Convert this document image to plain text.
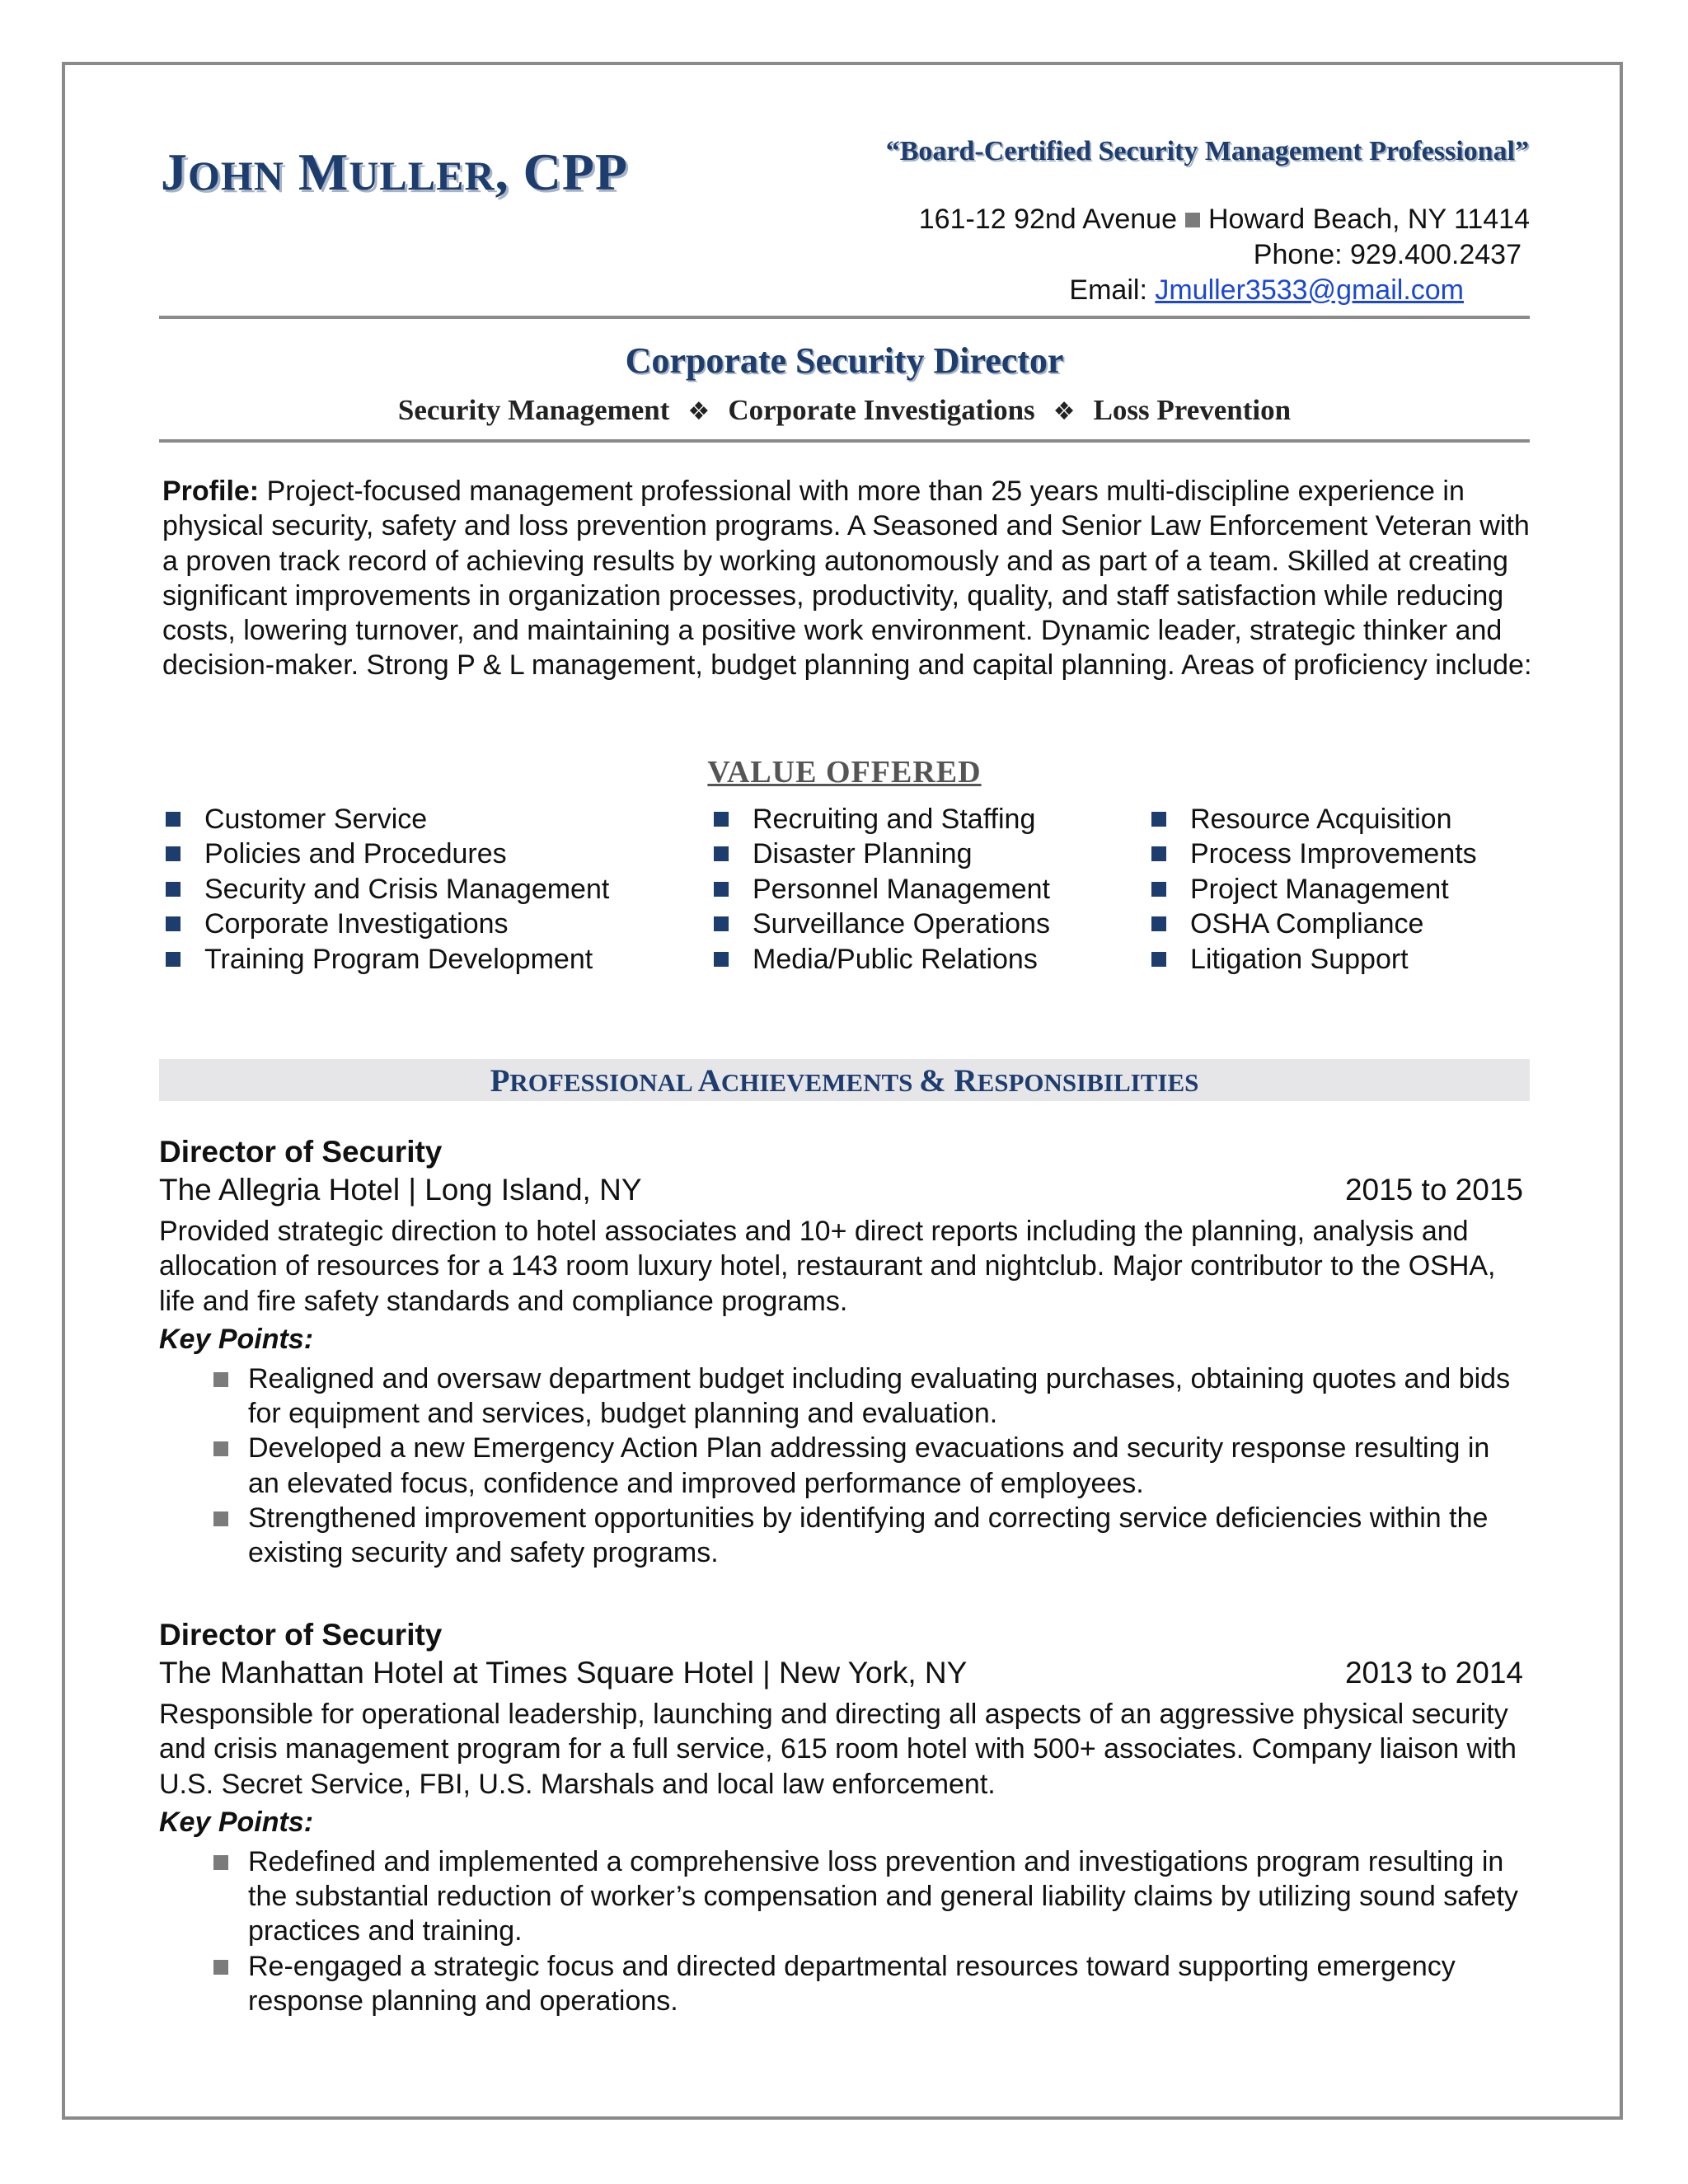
JOHN MULLER, CPP	“Board-Certified Security Management Professional”
161-12 92nd Avenue Howard Beach, NY 11414
Phone: 929.400.2437
Email: Jmuller3533@gmail.com
Corporate Security Director
Security Management ❖ Corporate Investigations ❖ Loss Prevention
Profile: Project-focused management professional with more than 25 years multi-discipline experience in physical security, safety and loss prevention programs. A Seasoned and Senior Law Enforcement Veteran with a proven track record of achieving results by working autonomously and as part of a team. Skilled at creating significant improvements in organization processes, productivity, quality, and staff satisfaction while reducing costs, lowering turnover, and maintaining a positive work environment. Dynamic leader, strategic thinker and decision-maker. Strong P & L management, budget planning and capital planning. Areas of proficiency include:
VALUE OFFERED
Customer Service
Policies and Procedures
Security and Crisis Management
Corporate Investigations
Training Program Development
Recruiting and Staffing
Disaster Planning
Personnel Management
Surveillance Operations
Media/Public Relations
Resource Acquisition
Process Improvements
Project Management
OSHA Compliance
Litigation Support
PROFESSIONAL ACHIEVEMENTS & RESPONSIBILITIES
Director of Security
The Allegria Hotel | Long Island, NY	2015 to 2015
Provided strategic direction to hotel associates and 10+ direct reports including the planning, analysis and allocation of resources for a 143 room luxury hotel, restaurant and nightclub. Major contributor to the OSHA, life and fire safety standards and compliance programs.
Key Points:
Realigned and oversaw department budget including evaluating purchases, obtaining quotes and bids for equipment and services, budget planning and evaluation.
Developed a new Emergency Action Plan addressing evacuations and security response resulting in an elevated focus, confidence and improved performance of employees.
Strengthened improvement opportunities by identifying and correcting service deficiencies within the existing security and safety programs.
Director of Security
The Manhattan Hotel at Times Square Hotel | New York, NY	2013 to 2014
Responsible for operational leadership, launching and directing all aspects of an aggressive physical security and crisis management program for a full service, 615 room hotel with 500+ associates. Company liaison with U.S. Secret Service, FBI, U.S. Marshals and local law enforcement.
Key Points:
Redefined and implemented a comprehensive loss prevention and investigations program resulting in the substantial reduction of worker’s compensation and general liability claims by utilizing sound safety practices and training.
Re-engaged a strategic focus and directed departmental resources toward supporting emergency response planning and operations.
